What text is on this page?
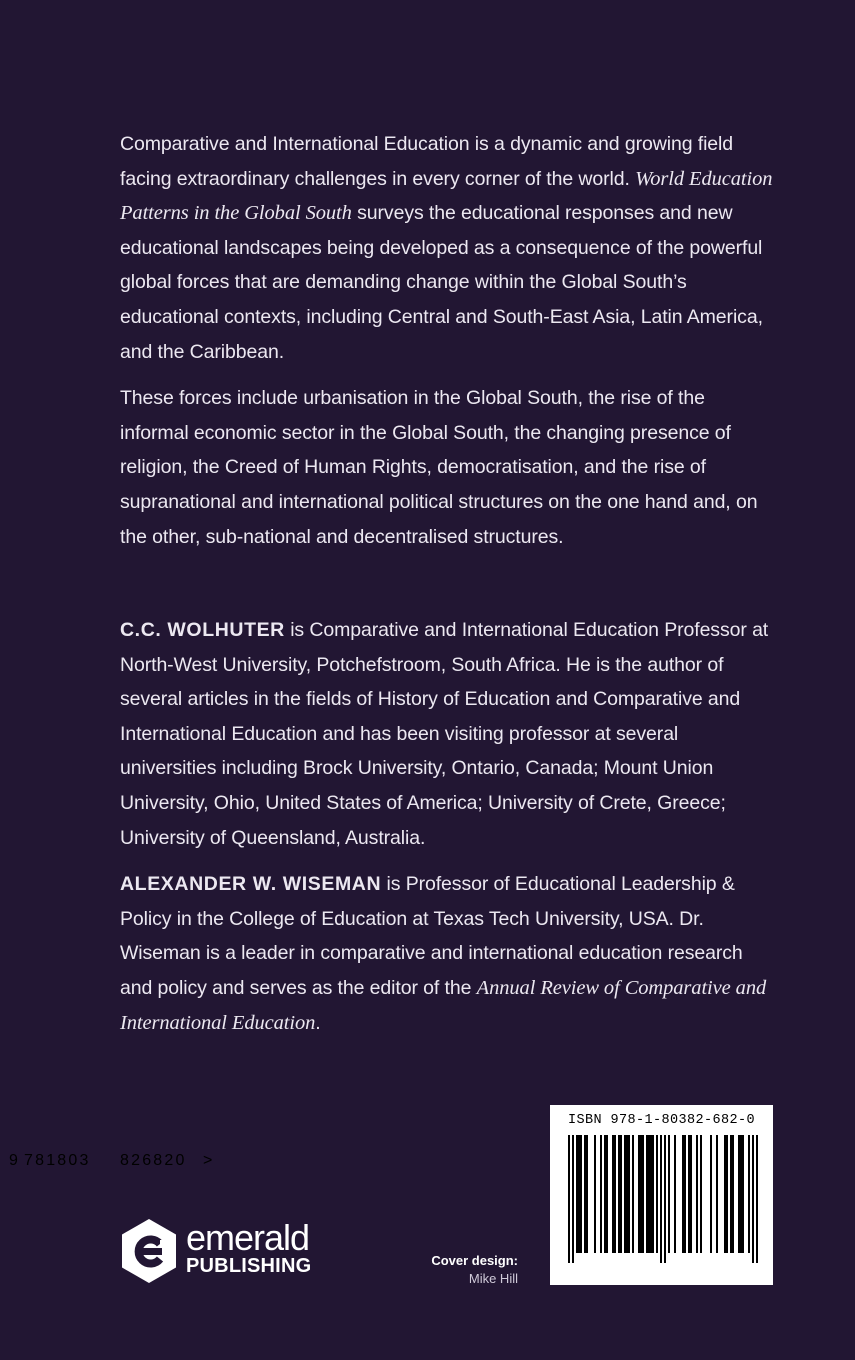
Comparative and International Education is a dynamic and growing field facing extraordinary challenges in every corner of the world. World Education Patterns in the Global South surveys the educational responses and new educational landscapes being developed as a consequence of the powerful global forces that are demanding change within the Global South’s educational contexts, including Central and South-East Asia, Latin America, and the Caribbean.

These forces include urbanisation in the Global South, the rise of the informal economic sector in the Global South, the changing presence of religion, the Creed of Human Rights, democratisation, and the rise of supranational and international political structures on the one hand and, on the other, sub-national and decentralised structures.

C.C. WOLHUTER is Comparative and International Education Professor at North-West University, Potchefstroom, South Africa. He is the author of several articles in the fields of History of Education and Comparative and International Education and has been visiting professor at several universities including Brock University, Ontario, Canada; Mount Union University, Ohio, United States of America; University of Crete, Greece; University of Queensland, Australia.

ALEXANDER W. WISEMAN is Professor of Educational Leadership & Policy in the College of Education at Texas Tech University, USA. Dr. Wiseman is a leader in comparative and international education research and policy and serves as the editor of the Annual Review of Comparative and International Education.

emerald
PUBLISHING	Cover design:
Mike Hill
ISBN 978-1-80382-682-0
9 781803 826820 >
